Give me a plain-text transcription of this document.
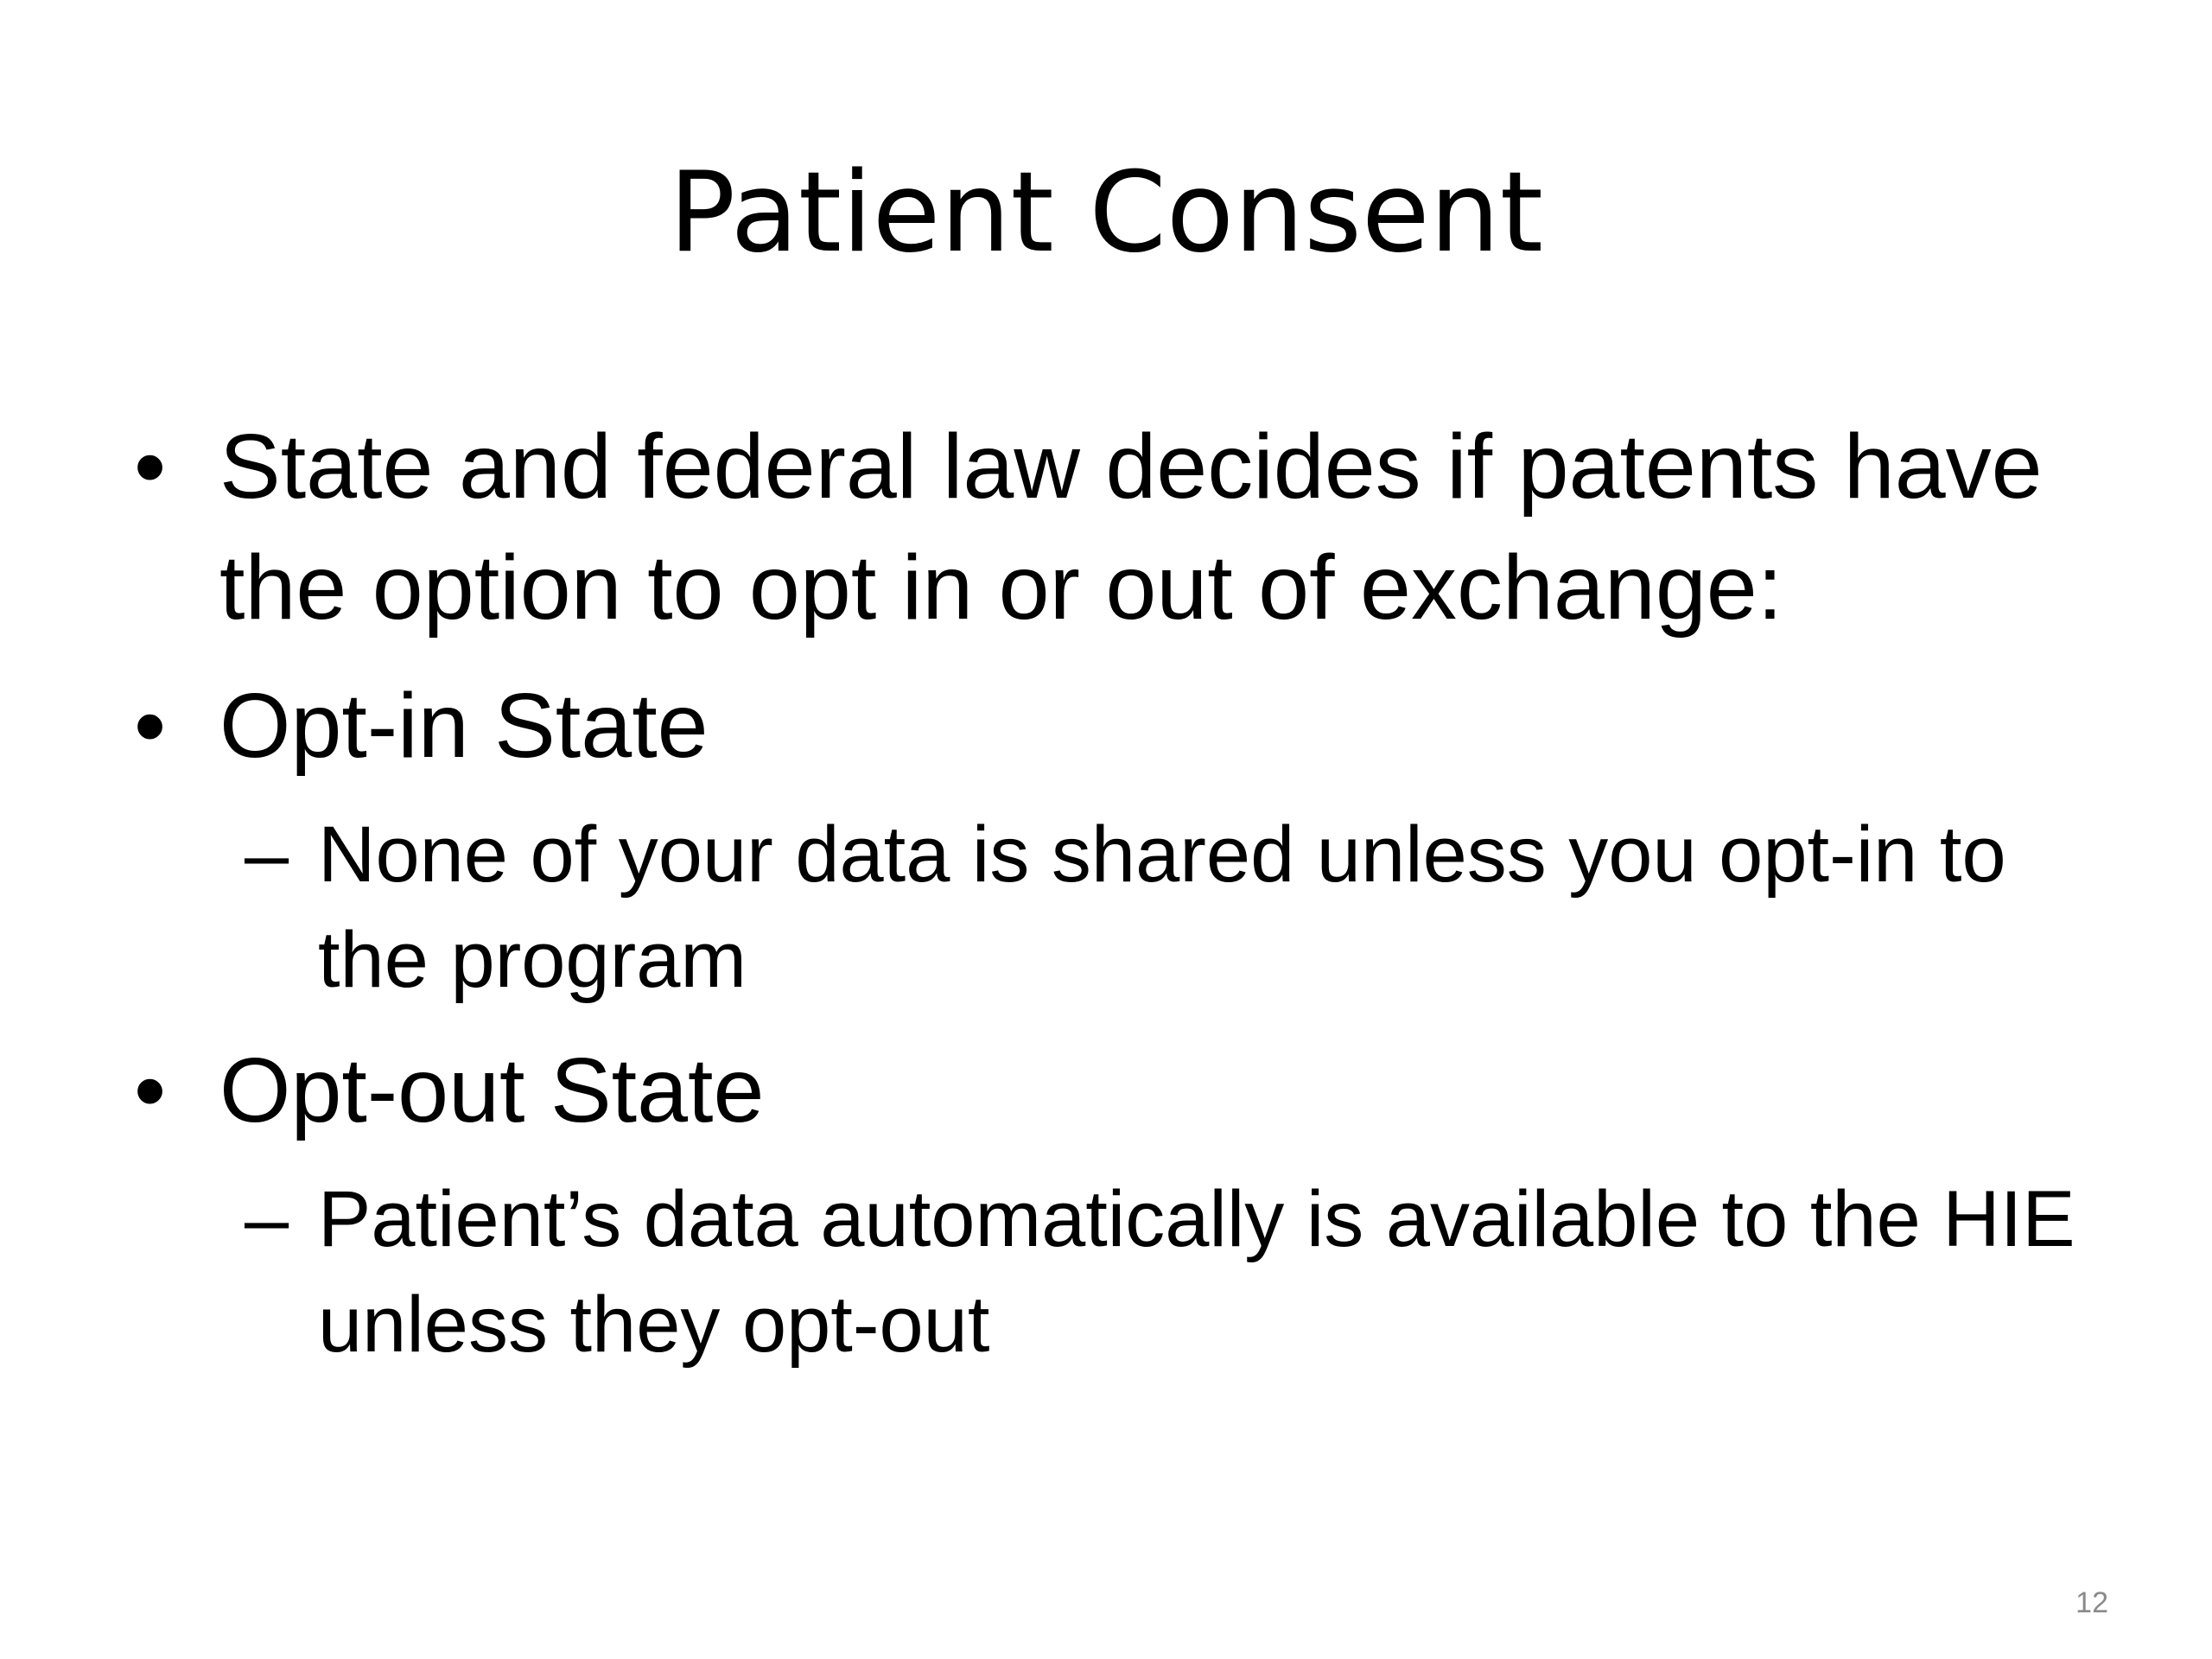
Patient Consent
• State and federal law decides if patents have the option to opt in or out of exchange:
• Opt-in State
– None of your data is shared unless you opt-in to the program
• Opt-out State
– Patient’s data automatically is available to the HIE unless they opt-out
12
